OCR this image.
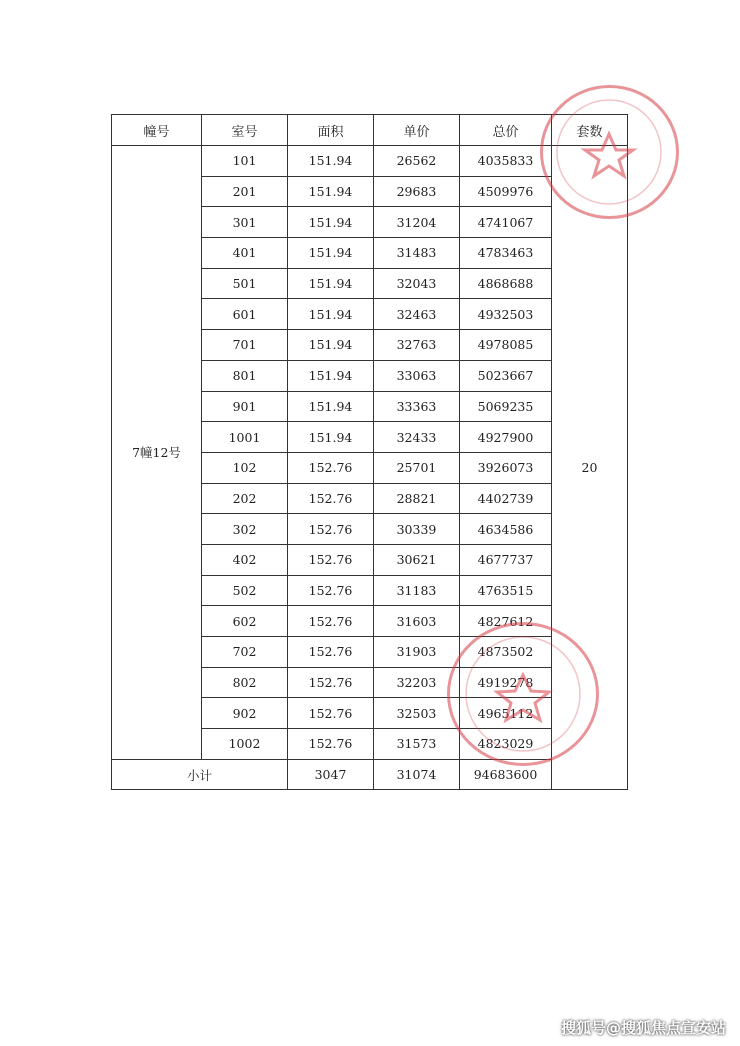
幢号	室号	面积	单价	总价	套数
7幢12号	101	151.94	26562	4035833	20
	201	151.94	29683	4509976	
	301	151.94	31204	4741067	
	401	151.94	31483	4783463	
	501	151.94	32043	4868688	
	601	151.94	32463	4932503	
	701	151.94	32763	4978085	
	801	151.94	33063	5023667	
	901	151.94	33363	5069235	
	1001	151.94	32433	4927900	
	102	152.76	25701	3926073	
	202	152.76	28821	4402739	
	302	152.76	30339	4634586	
	402	152.76	30621	4677737	
	502	152.76	31183	4763515	
	602	152.76	31603	4827612	
	702	152.76	31903	4873502	
	802	152.76	32203	4919278	
	902	152.76	32503	4965112	
	1002	152.76	31573	4823029	
小计		3047	31074	94683600	
搜狐号@搜狐焦点宣安站
